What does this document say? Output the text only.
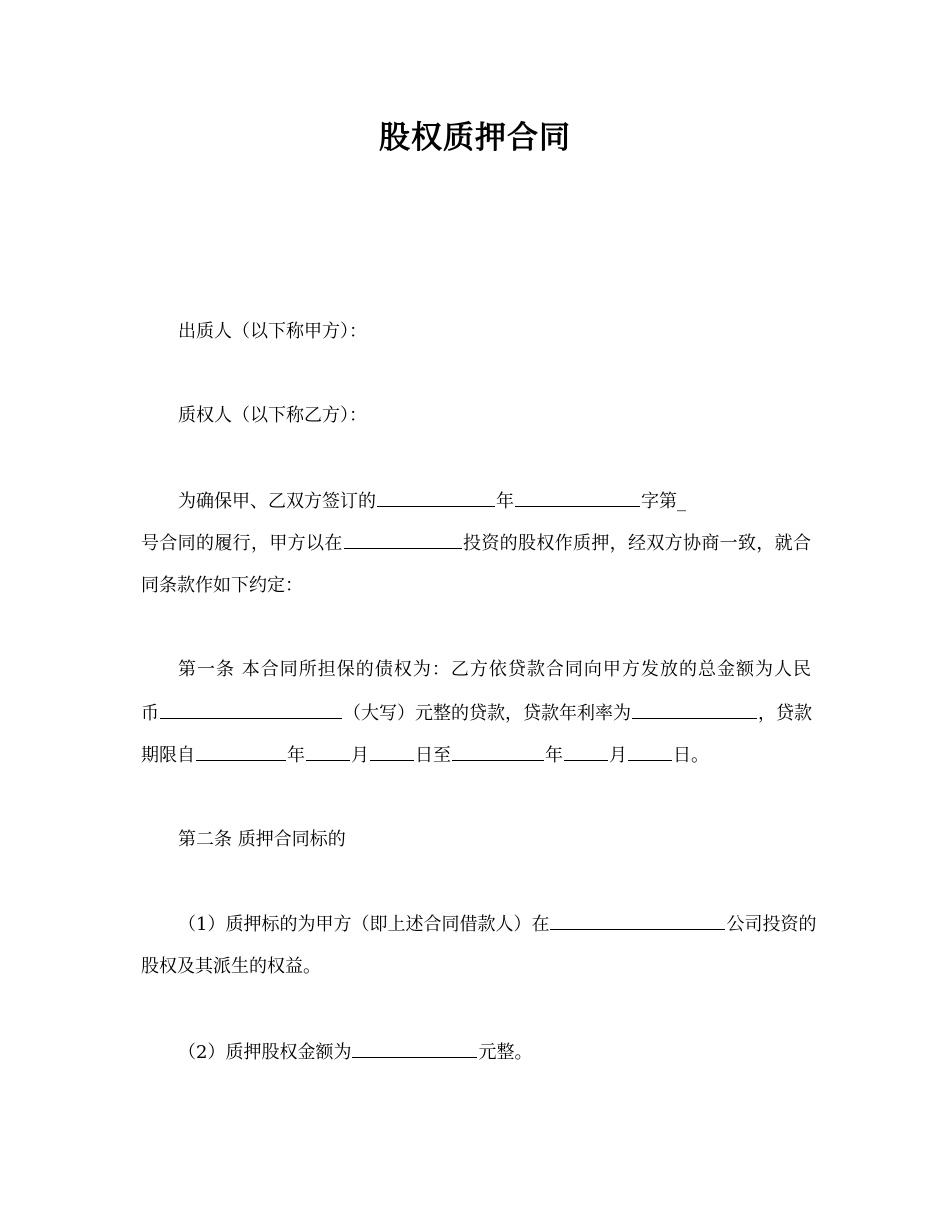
股权质押合同

出质人（以下称甲方）：

质权人（以下称乙方）：

为确保甲、乙双方签订的	年	字第_

号合同的履行，甲方以在	投资的股权作质押，经双方协商一致，就合

同条款作如下约定：

第一条 本合同所担保的债权为：乙方依贷款合同向甲方发放的总金额为人民

币	（大写）元整的贷款，贷款年利率为	，贷款

期限自	年	月	日至	年	月	日。

第二条 质押合同标的

（1）质押标的为甲方（即上述合同借款人）在	公司投资的

股权及其派生的权益。

（2）质押股权金额为	元整。
